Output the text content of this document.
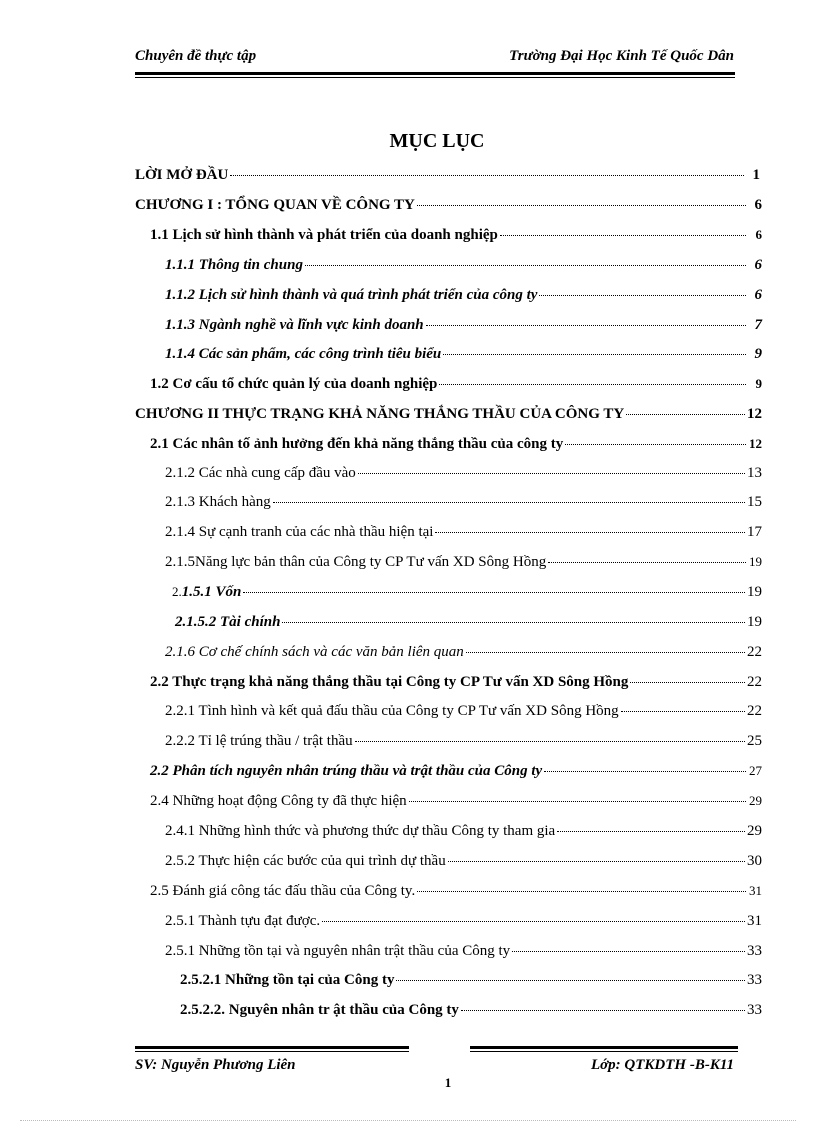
Chuyên đề thực tập	Trường Đại Học Kinh Tế Quốc Dân
MỤC LỤC
LỜI MỞ ĐẦU	1
CHƯƠNG I : TỔNG QUAN VỀ CÔNG TY	6
1.1 Lịch sử hình thành và phát triển của doanh nghiệp	6
1.1.1 Thông tin chung	6
1.1.2 Lịch sử hình thành và quá trình phát triển của công ty	6
1.1.3 Ngành nghề và lĩnh vực kinh doanh	7
1.1.4 Các sản phẩm, các công trình tiêu biểu	9
1.2 Cơ cấu tổ chức quản lý của doanh nghiệp	9
CHƯƠNG II THỰC TRẠNG KHẢ NĂNG THẮNG THẦU CỦA CÔNG TY	12
2.1 Các nhân tố ảnh hưởng đến khả năng thắng thầu của công ty	12
2.1.2 Các nhà cung cấp đầu vào	13
2.1.3 Khách hàng	15
2.1.4 Sự cạnh tranh của các nhà thầu hiện tại	17
2.1.5Năng lực bản thân của Công ty CP Tư vấn XD Sông Hồng	19
2. 1.5.1 Vốn	19
2.1.5.2 Tài chính	19
2.1.6 Cơ chế chính sách và các văn bản liên quan	22
2.2 Thực trạng khả năng thắng thầu tại Công ty CP Tư vấn XD Sông Hồng	22
2.2.1 Tình hình và kết quả đấu thầu của Công ty CP Tư vấn XD Sông Hồng	22
2.2.2 Tỉ lệ trúng thầu / trật thầu	25
2.2 Phân tích nguyên nhân trúng thầu và trật thầu của Công ty	27
2.4 Những hoạt động Công ty đã thực hiện	29
2.4.1 Những hình thức và phương thức dự thầu Công ty tham gia	29
2.5.2 Thực hiện các bước của qui trình dự thầu	30
2.5 Đánh giá công tác đấu thầu của Công ty.	31
2.5.1 Thành tựu đạt được.	31
2.5.1 Những tồn tại và nguyên nhân trật thầu của Công ty	33
2.5.2.1 Những tồn tại của Công ty	33
2.5.2.2. Nguyên nhân tr ật thầu của Công ty	33
SV: Nguyễn Phương Liên	Lớp: QTKDTH -B-K11
1
